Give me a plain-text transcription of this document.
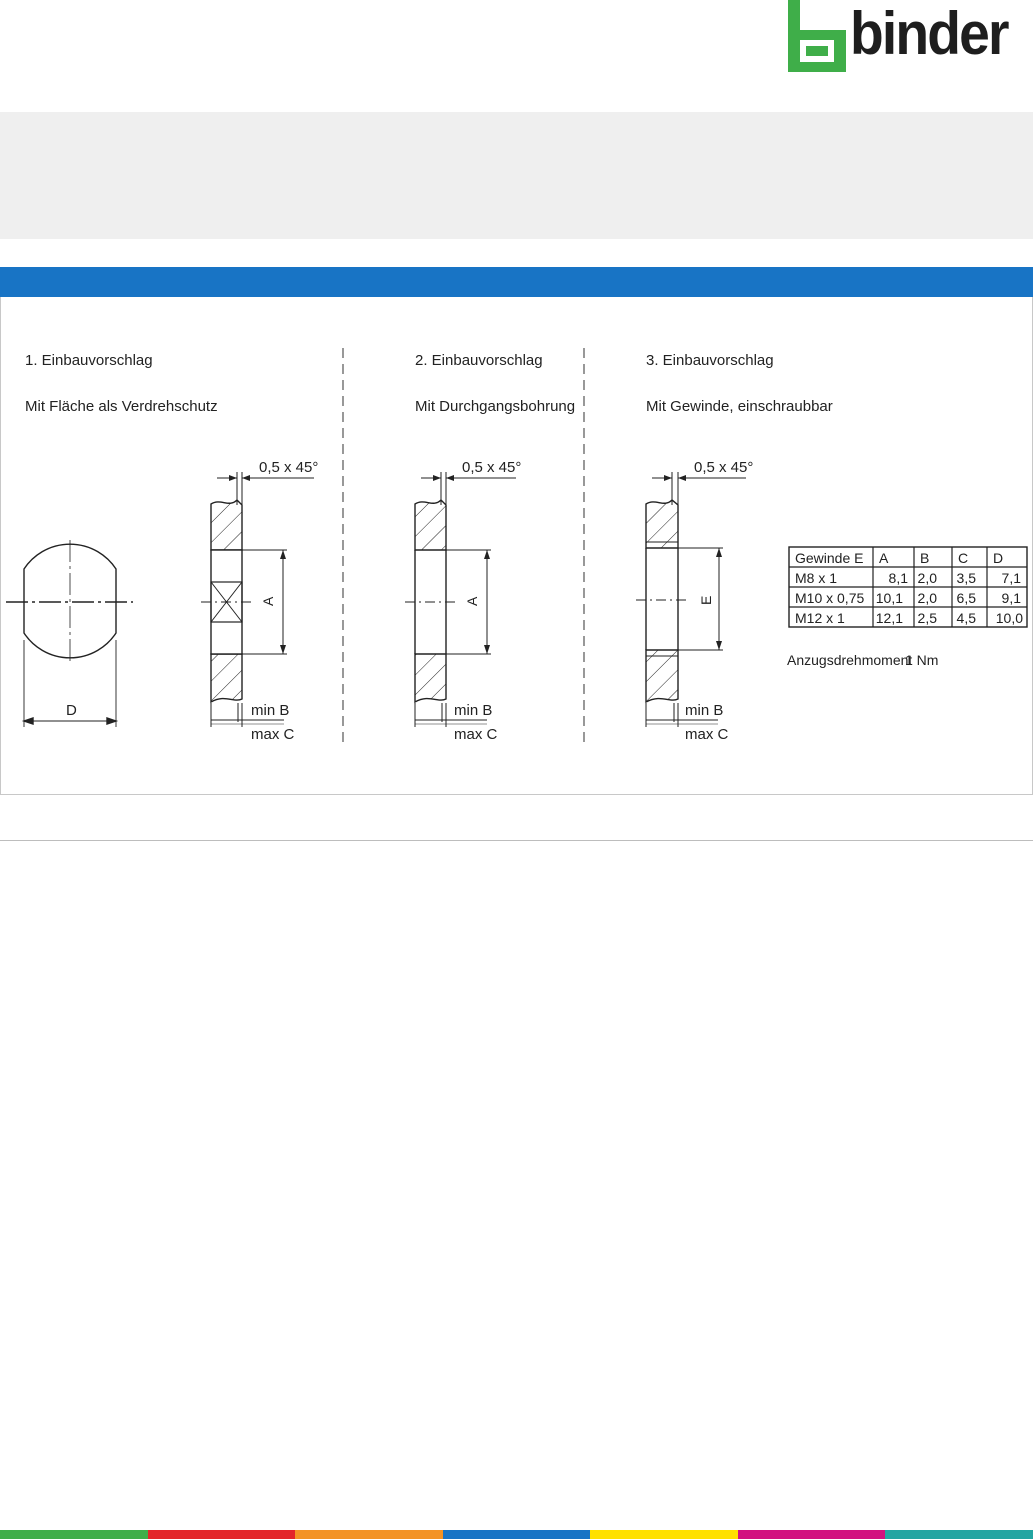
binder
1. Einbauvorschlag
Mit Fläche als Verdrehschutz
2. Einbauvorschlag
Mit Durchgangsbohrung
3. Einbauvorschlag
Mit Gewinde, einschraubbar
D
0,5 x 45°
A
min B
max C
0,5 x 45°
A
min B
max C
0,5 x 45°
E
min B
max C
Gewinde E A B C D
M8 x 1	8,1 2,0 3,5 7,1
M10 x 0,75 10,1 2,0 6,5 9,1
M12 x 1 12,1 2,5 4,5 10,0
Anzugsdrehmoment
1 Nm
